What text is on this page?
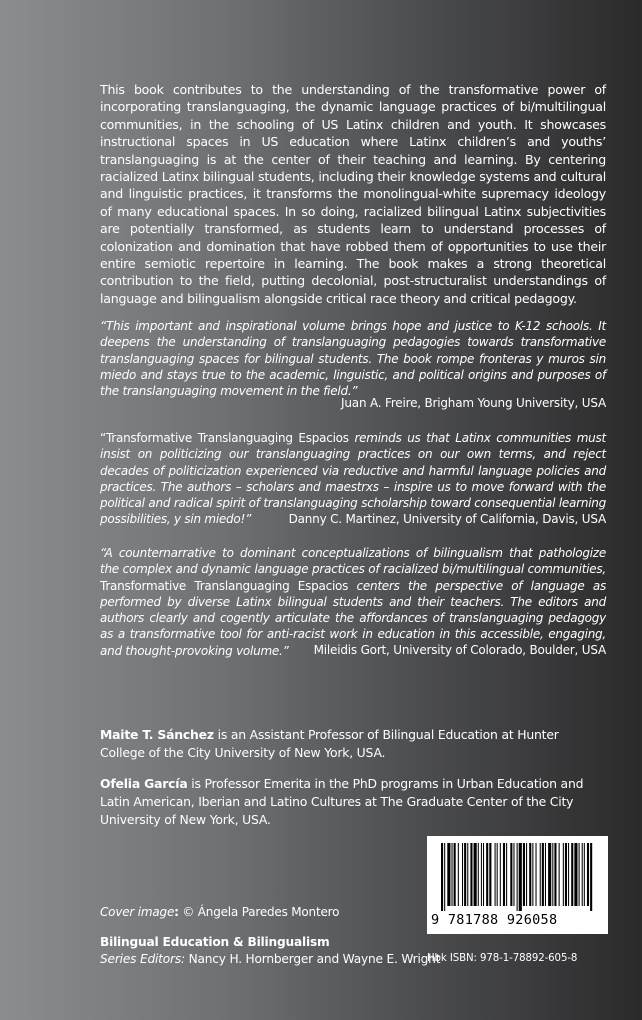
This book contributes to the understanding of the transformative power of incorporating translanguaging, the dynamic language practices of bi/multilingual communities, in the schooling of US Latinx children and youth. It showcases instructional spaces in US education where Latinx children’s and youths’ translanguaging is at the center of their teaching and learning. By centering racialized Latinx bilingual students, including their knowledge systems and cultural and linguistic practices, it transforms the monolingual-white supremacy ideology of many educational spaces. In so doing, racialized bilingual Latinx subjectivities are potentially transformed, as students learn to understand processes of colonization and domination that have robbed them of opportunities to use their entire semiotic repertoire in learning. The book makes a strong theoretical contribution to the field, putting decolonial, post-structuralist understandings of language and bilingualism alongside critical race theory and critical pedagogy.
“This important and inspirational volume brings hope and justice to K-12 schools. It deepens the understanding of translanguaging pedagogies towards transformative translanguaging spaces for bilingual students. The book rompe fronteras y muros sin miedo and stays true to the academic, linguistic, and political origins and purposes of the translanguaging movement in the field.”
Juan A. Freire, Brigham Young University, USA
“Transformative Translanguaging Espacios reminds us that Latinx communities must insist on politicizing our translanguaging practices on our own terms, and reject decades of politicization experienced via reductive and harmful language policies and practices. The authors – scholars and maestrxs – inspire us to move forward with the political and radical spirit of translanguaging scholarship toward consequential learning possibilities, y sin miedo!”	Danny C. Martinez, University of California, Davis, USA
“A counternarrative to dominant conceptualizations of bilingualism that pathologize the complex and dynamic language practices of racialized bi/multilingual communities, Transformative Translanguaging Espacios centers the perspective of language as performed by diverse Latinx bilingual students and their teachers. The editors and authors clearly and cogently articulate the affordances of translanguaging pedagogy as a transformative tool for anti-racist work in education in this accessible, engaging, and thought-provoking volume.”	Mileidis Gort, University of Colorado, Boulder, USA
Maite T. Sánchez is an Assistant Professor of Bilingual Education at Hunter College of the City University of New York, USA.
Ofelia García is Professor Emerita in the PhD programs in Urban Education and Latin American, Iberian and Latino Cultures at The Graduate Center of the City University of New York, USA.
9 781788 926058
Cover image: © Ángela Paredes Montero
Bilingual Education & Bilingualism
Series Editors: Nancy H. Hornberger and Wayne E. Wright
Hbk ISBN: 978-1-78892-605-8
